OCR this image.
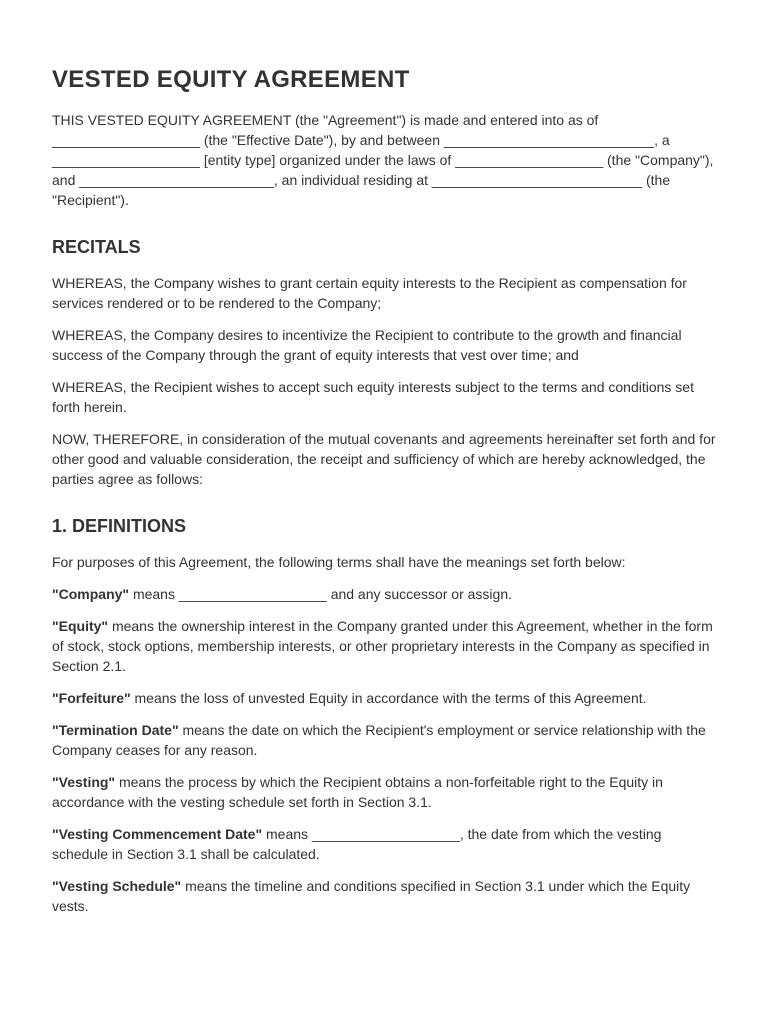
VESTED EQUITY AGREEMENT

THIS VESTED EQUITY AGREEMENT (the "Agreement") is made and entered into as of ___________________ (the "Effective Date"), by and between ___________________________, a ___________________ [entity type] organized under the laws of ___________________ (the "Company"), and _________________________, an individual residing at ___________________________ (the "Recipient").

RECITALS

WHEREAS, the Company wishes to grant certain equity interests to the Recipient as compensation for services rendered or to be rendered to the Company;

WHEREAS, the Company desires to incentivize the Recipient to contribute to the growth and financial success of the Company through the grant of equity interests that vest over time; and

WHEREAS, the Recipient wishes to accept such equity interests subject to the terms and conditions set forth herein.

NOW, THEREFORE, in consideration of the mutual covenants and agreements hereinafter set forth and for other good and valuable consideration, the receipt and sufficiency of which are hereby acknowledged, the parties agree as follows:

1. DEFINITIONS

For purposes of this Agreement, the following terms shall have the meanings set forth below:

"Company" means ___________________ and any successor or assign.

"Equity" means the ownership interest in the Company granted under this Agreement, whether in the form of stock, stock options, membership interests, or other proprietary interests in the Company as specified in Section 2.1.

"Forfeiture" means the loss of unvested Equity in accordance with the terms of this Agreement.

"Termination Date" means the date on which the Recipient's employment or service relationship with the Company ceases for any reason.

"Vesting" means the process by which the Recipient obtains a non-forfeitable right to the Equity in accordance with the vesting schedule set forth in Section 3.1.

"Vesting Commencement Date" means ___________________, the date from which the vesting schedule in Section 3.1 shall be calculated.

"Vesting Schedule" means the timeline and conditions specified in Section 3.1 under which the Equity vests.
